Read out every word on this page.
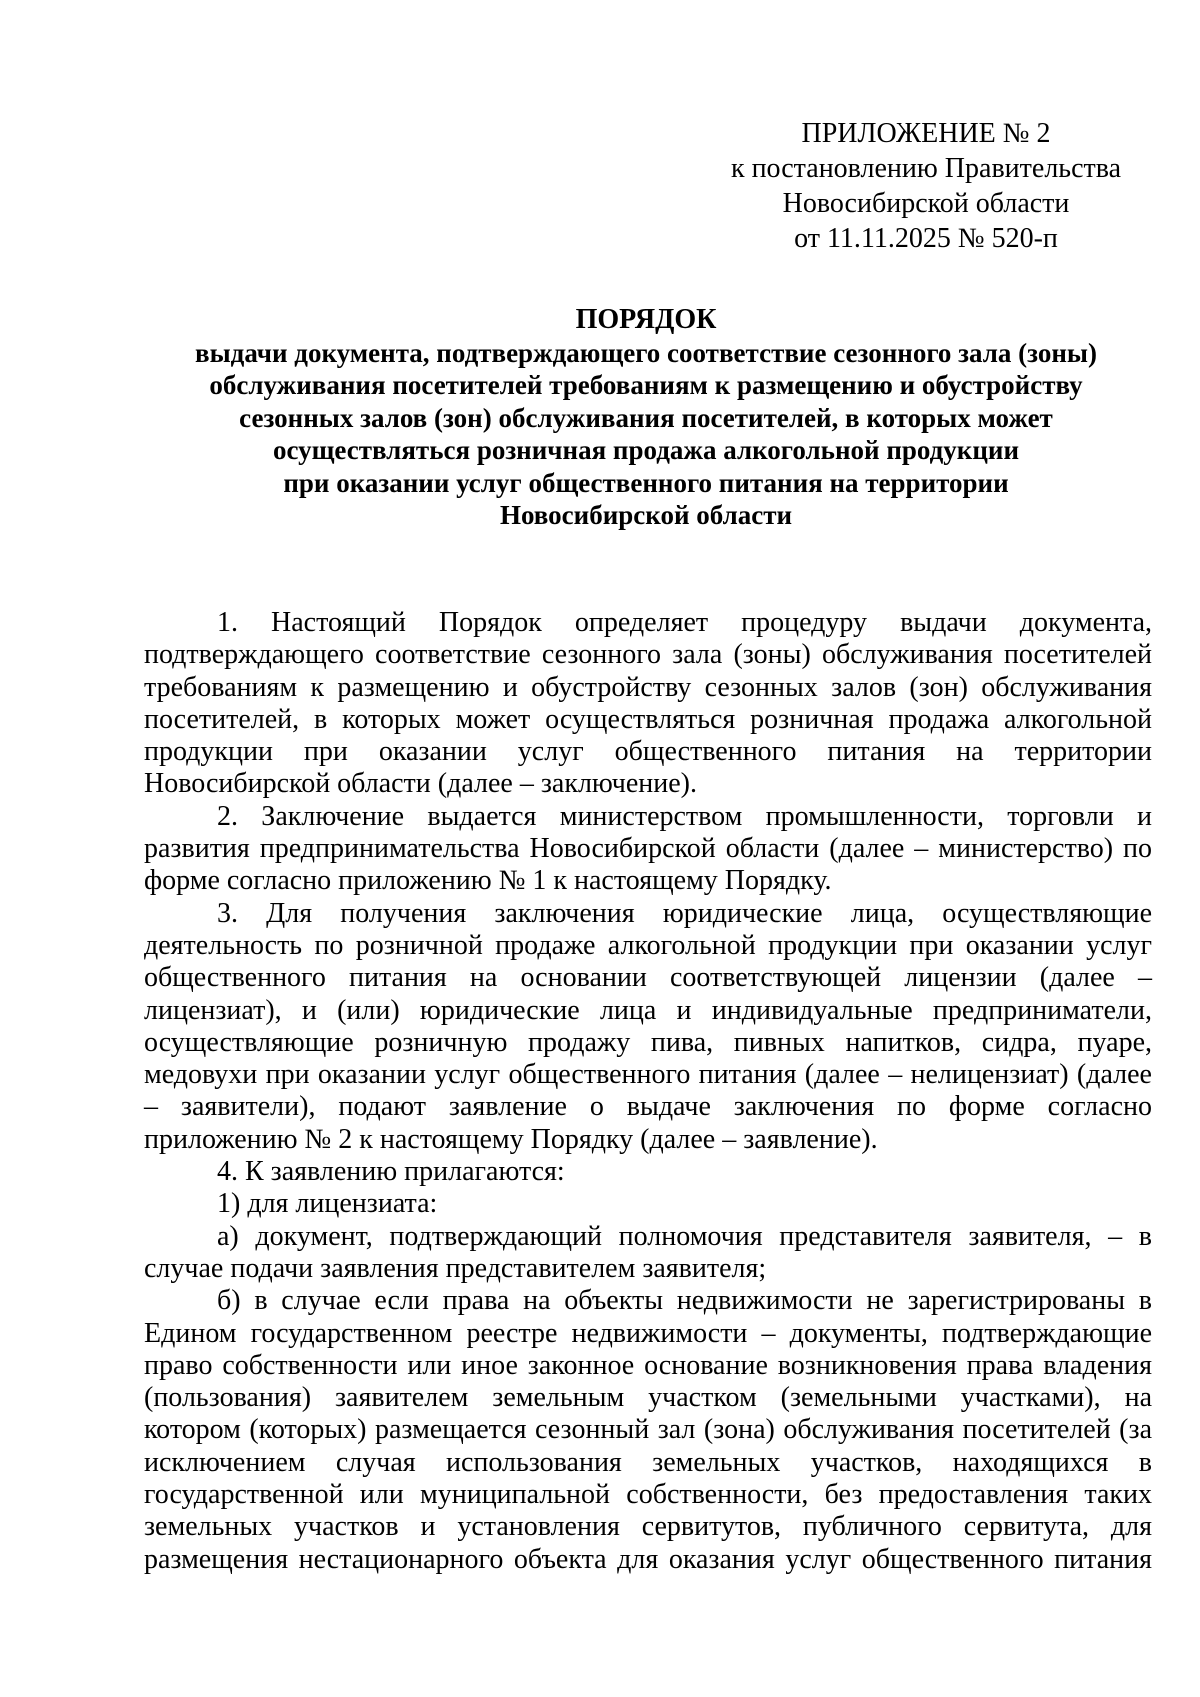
ПРИЛОЖЕНИЕ № 2
к постановлению Правительства
Новосибирской области
от 11.11.2025 № 520-п
ПОРЯДОК
выдачи документа, подтверждающего соответствие сезонного зала (зоны)
обслуживания посетителей требованиям к размещению и обустройству
сезонных залов (зон) обслуживания посетителей, в которых может
осуществляться розничная продажа алкогольной продукции
при оказании услуг общественного питания на территории
Новосибирской области

1. Настоящий Порядок определяет процедуру выдачи документа, подтверждающего соответствие сезонного зала (зоны) обслуживания посетителей требованиям к размещению и обустройству сезонных залов (зон) обслуживания посетителей, в которых может осуществляться розничная продажа алкогольной продукции при оказании услуг общественного питания на территории Новосибирской области (далее – заключение).

2. Заключение выдается министерством промышленности, торговли и развития предпринимательства Новосибирской области (далее – министерство) по форме согласно приложению № 1 к настоящему Порядку.

3. Для получения заключения юридические лица, осуществляющие деятельность по розничной продаже алкогольной продукции при оказании услуг общественного питания на основании соответствующей лицензии (далее – лицензиат), и (или) юридические лица и индивидуальные предприниматели, осуществляющие розничную продажу пива, пивных напитков, сидра, пуаре, медовухи при оказании услуг общественного питания (далее – нелицензиат) (далее – заявители), подают заявление о выдаче заключения по форме согласно приложению № 2 к настоящему Порядку (далее – заявление).

4. К заявлению прилагаются:

1) для лицензиата:

а) документ, подтверждающий полномочия представителя заявителя, – в случае подачи заявления представителем заявителя;

б) в случае если права на объекты недвижимости не зарегистрированы в Едином государственном реестре недвижимости – документы, подтверждающие право собственности или иное законное основание возникновения права владения (пользования) заявителем земельным участком (земельными участками), на котором (которых) размещается сезонный зал (зона) обслуживания посетителей (за исключением случая использования земельных участков, находящихся в государственной или муниципальной собственности, без предоставления таких земельных участков и установления сервитутов, публичного сервитута, для размещения нестационарного объекта для оказания услуг общественного питания
